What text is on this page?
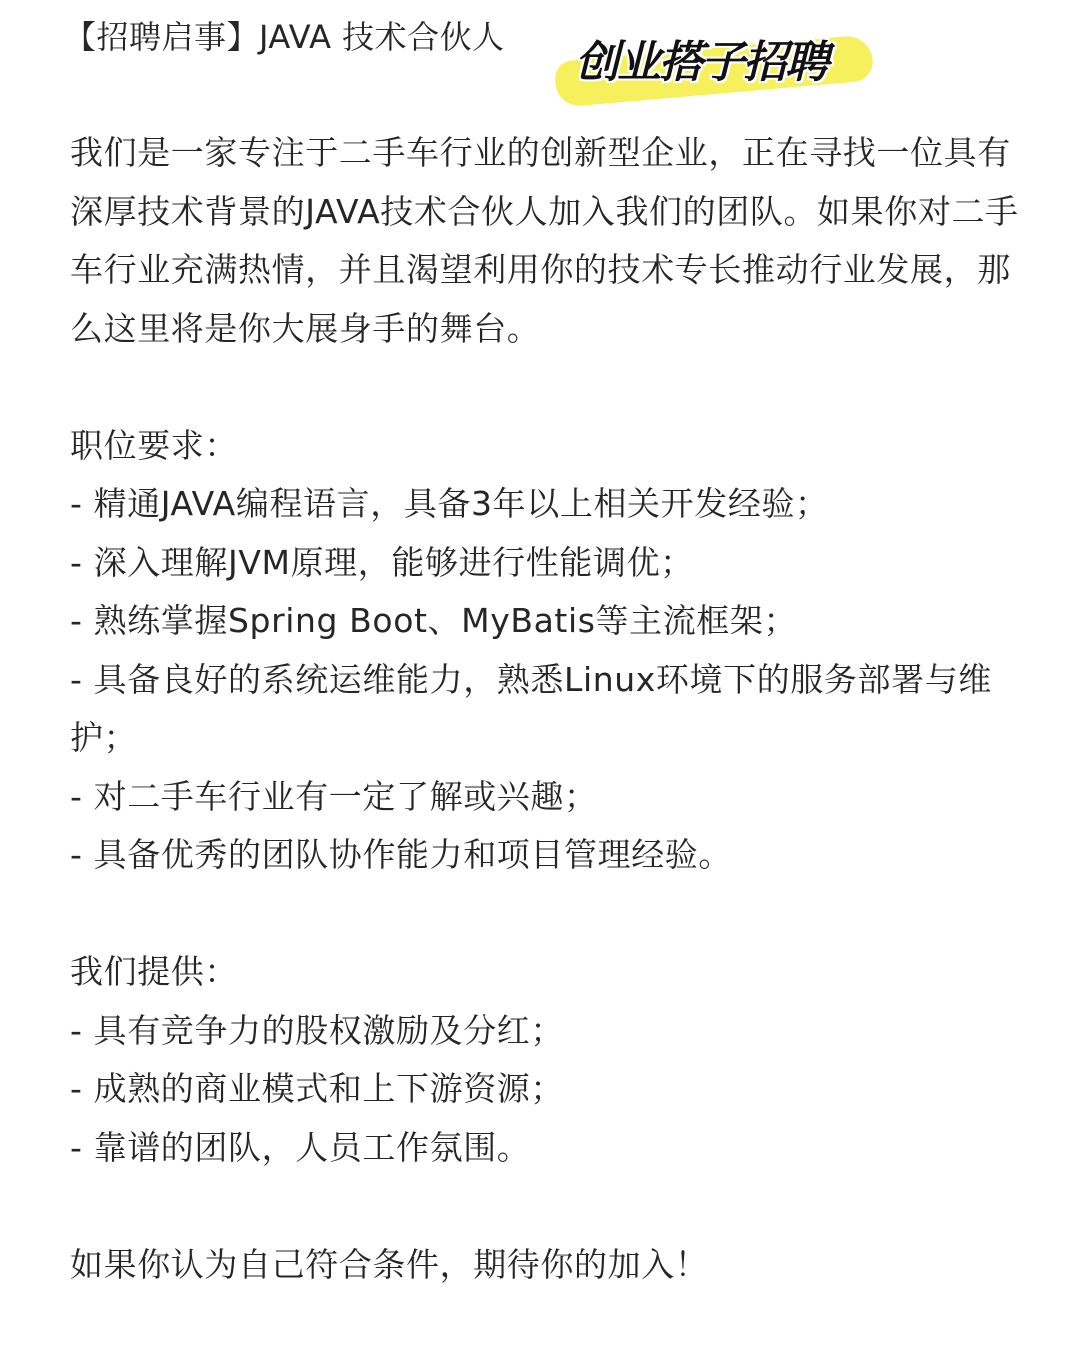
【招聘启事】JAVA 技术合伙人 创业搭子招聘

我们是一家专注于二手车行业的创新型企业，正在寻找一位具有深厚技术背景的JAVA技术合伙人加入我们的团队。如果你对二手车行业充满热情，并且渴望利用你的技术专长推动行业发展，那么这里将是你大展身手的舞台。

职位要求：

- 精通JAVA编程语言，具备3年以上相关开发经验；

- 深入理解JVM原理，能够进行性能调优；

- 熟练掌握Spring Boot、MyBatis等主流框架；

- 具备良好的系统运维能力，熟悉Linux环境下的服务部署与维护；

- 对二手车行业有一定了解或兴趣；

- 具备优秀的团队协作能力和项目管理经验。

我们提供：

- 具有竞争力的股权激励及分红；

- 成熟的商业模式和上下游资源；

- 靠谱的团队，人员工作氛围。

如果你认为自己符合条件，期待你的加入！
